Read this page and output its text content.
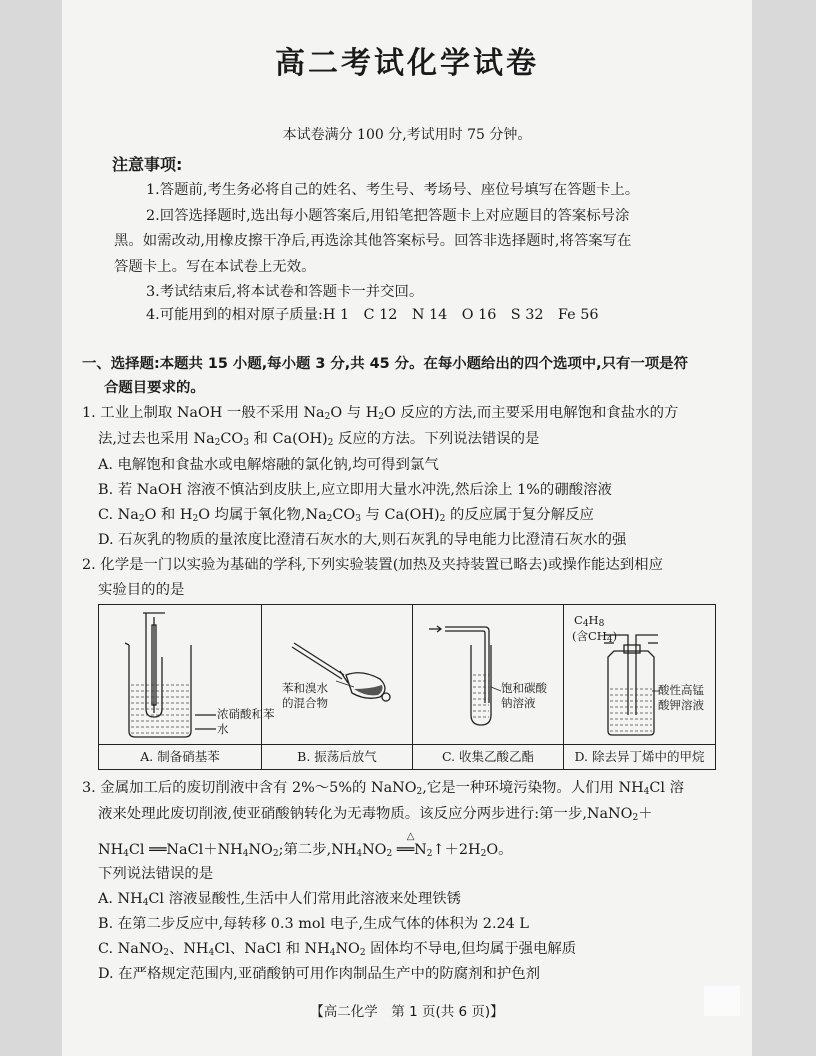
高二考试化学试卷
本试卷满分 100 分,考试用时 75 分钟。
注意事项:
1.答题前,考生务必将自己的姓名、考生号、考场号、座位号填写在答题卡上。
2.回答选择题时,选出每小题答案后,用铅笔把答题卡上对应题目的答案标号涂
黑。如需改动,用橡皮擦干净后,再选涂其他答案标号。回答非选择题时,将答案写在
答题卡上。写在本试卷上无效。
3.考试结束后,将本试卷和答题卡一并交回。
4.可能用到的相对原子质量:H 1　C 12　N 14　O 16　S 32　Fe 56
一、选择题:本题共 15 小题,每小题 3 分,共 45 分。在每小题给出的四个选项中,只有一项是符
合题目要求的。
1. 工业上制取 NaOH 一般不采用 $Na_2O$ 与 $H_2O$ 反应的方法,而主要采用电解饱和食盐水的方
法,过去也采用 $Na_2CO_3$ 和 $Ca(OH)_2$ 反应的方法。下列说法错误的是
A. 电解饱和食盐水或电解熔融的氯化钠,均可得到氯气
B. 若 NaOH 溶液不慎沾到皮肤上,应立即用大量水冲洗,然后涂上 1%的硼酸溶液
C. $Na_2O$ 和 $H_2O$ 均属于氧化物$,Na_2CO_3$ 与 $Ca(OH)_2$ 的反应属于复分解反应
D. 石灰乳的物质的量浓度比澄清石灰水的大,则石灰乳的导电能力比澄清石灰水的强
2. 化学是一门以实验为基础的学科,下列实验装置(加热及夹持装置已略去)或操作能达到相应
实验目的的是
浓硝酸和苯
水
A. 制备硝基苯
苯和溴水
的混合物
B. 振荡后放气
饱和碳酸
钠溶液
C. 收集乙酸乙酯
$C_4H_8$
(含$CH_4$)
酸性高锰
酸钾溶液
D. 除去异丁烯中的甲烷
3. 金属加工后的废切削液中含有 2%～5%的 NaNO$_2$,它是一种环境污染物。人们用 $NH_4Cl$ 溶
液来处理此废切削液,使亚硝酸钠转化为无毒物质。该反应分两步进行:第一步,NaNO$_2$＋
$NH_4Cl$ $══NaCl+NH_4NO_2$;第二步$,NH_4NO_2$
△
$══N_2↑+2H_2O$。
下列说法错误的是
A. $NH_4Cl$ 溶液显酸性,生活中人们常用此溶液来处理铁锈
B. 在第二步反应中,每转移 0.3 mol 电子,生成气体的体积为 2.24 L
C. NaNO$_2$、$NH_4Cl$、NaCl 和 $NH_4NO_2$ 固体均不导电,但均属于强电解质
D. 在严格规定范围内,亚硝酸钠可用作肉制品生产中的防腐剂和护色剂
【高二化学　第 1 页(共 6 页)】
